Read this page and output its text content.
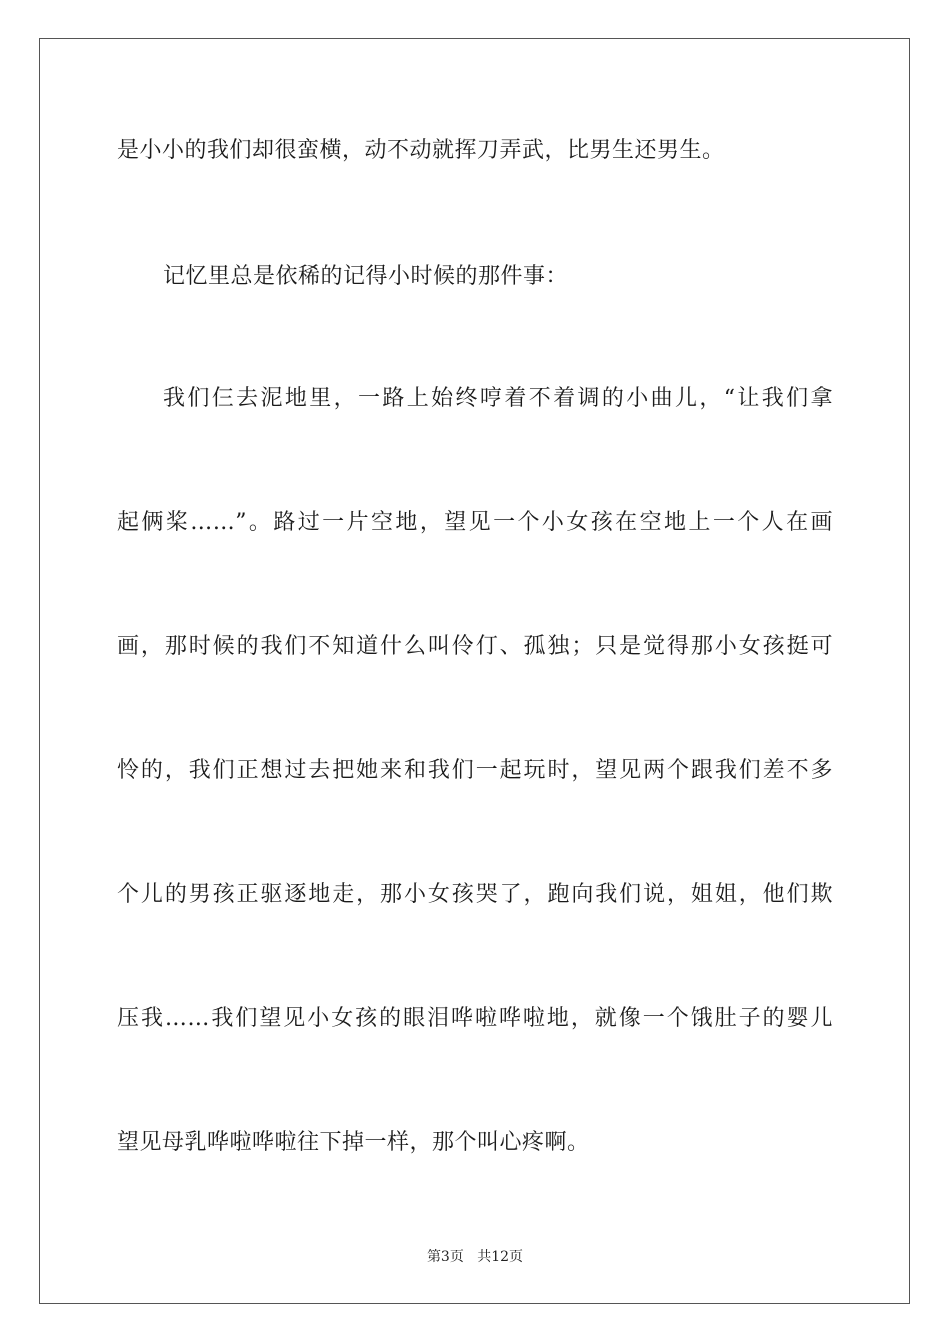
是小小的我们却很蛮横，动不动就挥刀弄武，比男生还男生。
记忆里总是依稀的记得小时候的那件事：
我们仨去泥地里，一路上始终哼着不着调的小曲儿，“让我们拿
起俩桨……”。路过一片空地，望见一个小女孩在空地上一个人在画
画，那时候的我们不知道什么叫伶仃、孤独；只是觉得那小女孩挺可
怜的，我们正想过去把她来和我们一起玩时，望见两个跟我们差不多
个儿的男孩正驱逐地走，那小女孩哭了，跑向我们说，姐姐，他们欺
压我……我们望见小女孩的眼泪哗啦哗啦地，就像一个饿肚子的婴儿
望见母乳哗啦哗啦往下掉一样，那个叫心疼啊。
第3页 共12页
